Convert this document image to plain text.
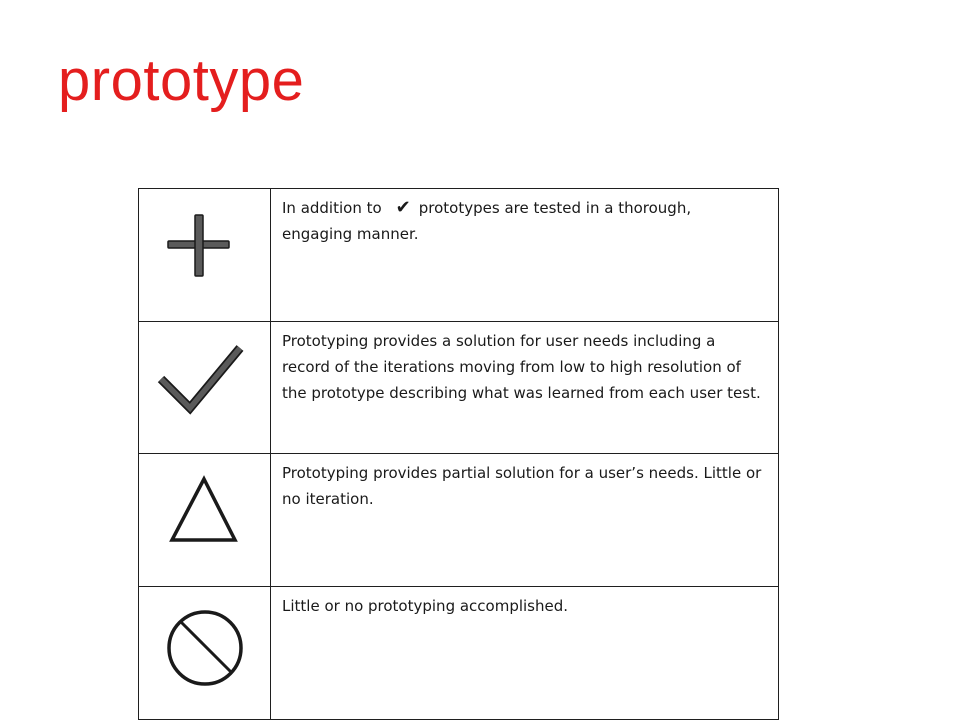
prototype
	In addition to ✔ prototypes are tested in a thorough, engaging manner.

	Prototyping provides a solution for user needs including a record of the iterations moving from low to high resolution of the prototype describing what was learned from each user test.

	Prototyping provides partial solution for a user’s needs. Little or no iteration.

	Little or no prototyping accomplished.
